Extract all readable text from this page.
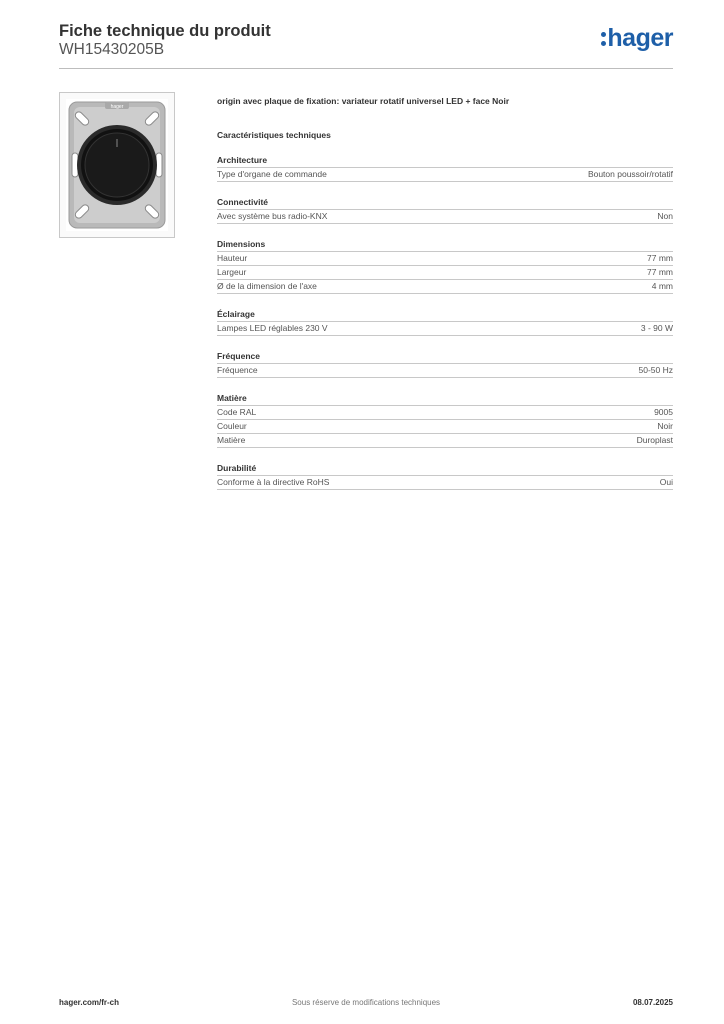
Fiche technique du produit
WH15430205B	hager
hager
origin avec plaque de fixation: variateur rotatif universel LED + face Noir
Caractéristiques techniques
Architecture
Type d'organe de commande	Bouton poussoir/rotatif
Connectivité
Avec système bus radio-KNX	Non
Dimensions
Hauteur	77 mm
Largeur	77 mm
Ø de la dimension de l'axe	4 mm
Éclairage
Lampes LED réglables 230 V	3 - 90 W
Fréquence
Fréquence	50-50 Hz
Matière
Code RAL	9005
Couleur	Noir
Matière	Duroplast
Durabilité
Conforme à la directive RoHS	Oui
hager.com/fr-ch	Sous réserve de modifications techniques	08.07.2025
